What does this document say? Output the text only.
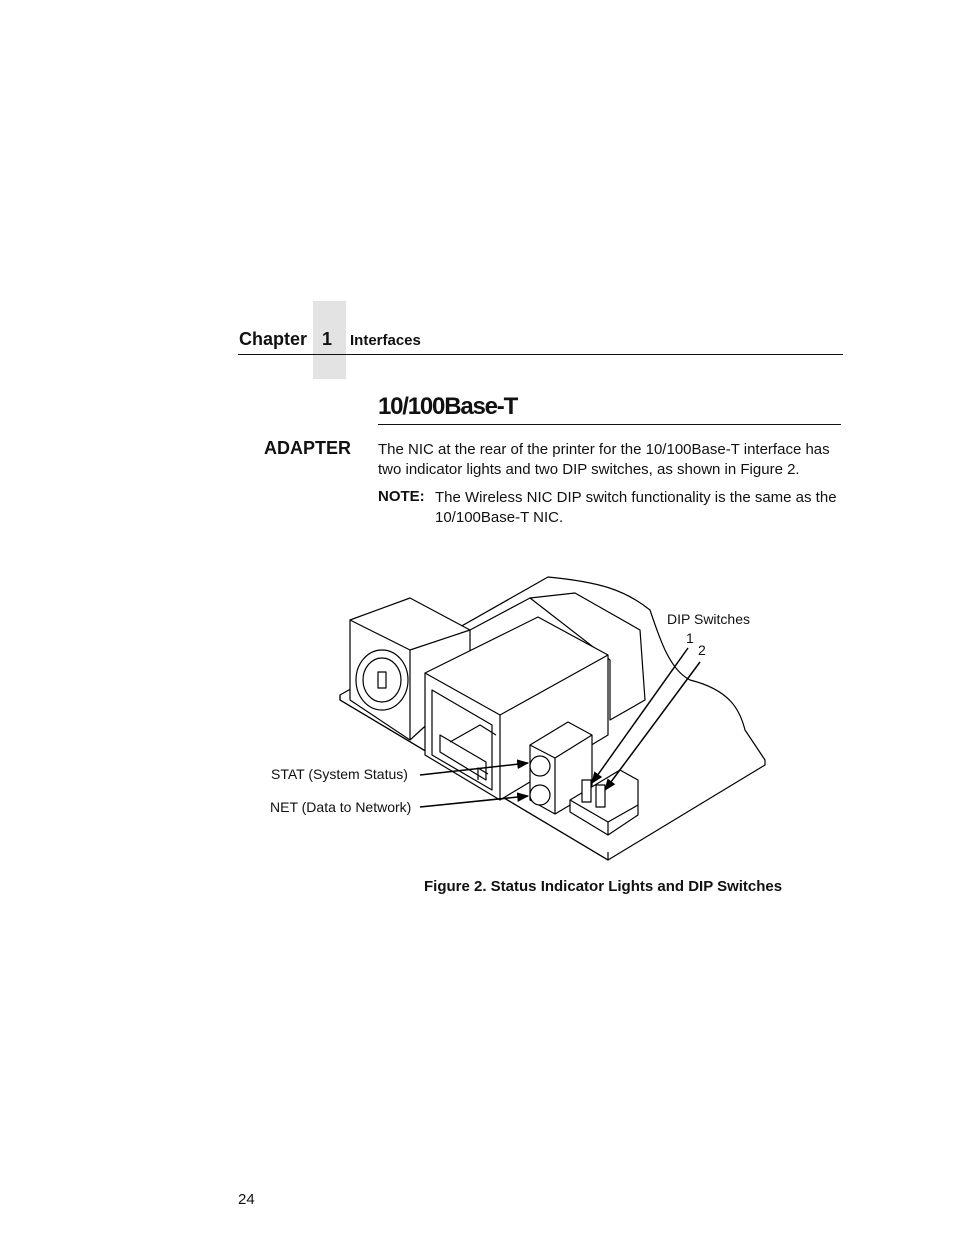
Chapter 1 Interfaces
10/100Base-T
ADAPTER The NIC at the rear of the printer for the 10/100Base-T interface has two indicator lights and two DIP switches, as shown in Figure 2.
NOTE: The Wireless NIC DIP switch functionality is the same as the 10/100Base-T NIC.
DIP Switches
1
2
STAT (System Status)
NET (Data to Network)
Figure 2. Status Indicator Lights and DIP Switches
24
